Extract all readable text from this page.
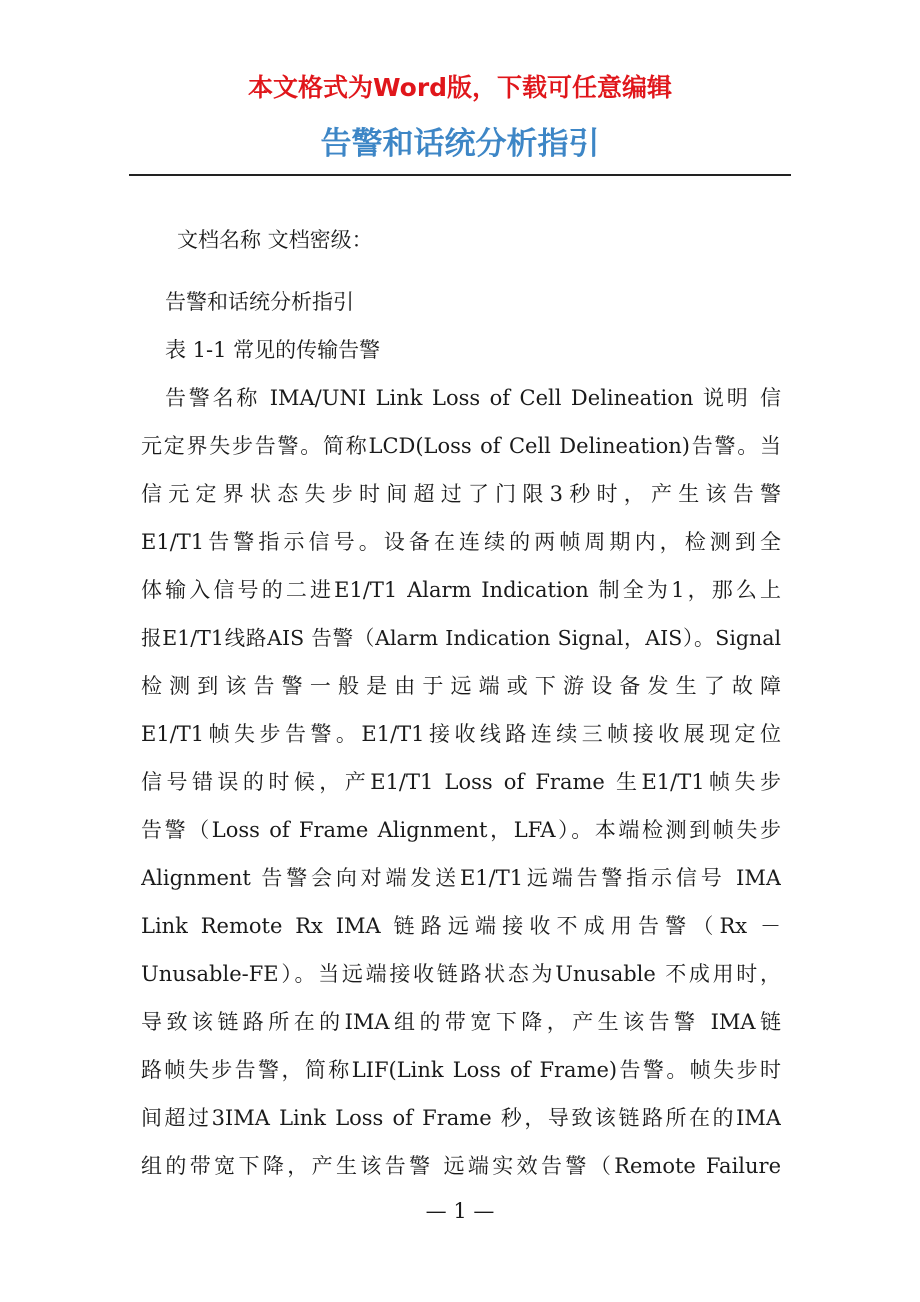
本文格式为Word版，下载可任意编辑
告警和话统分析指引
文档名称 文档密级：
告警和话统分析指引
表 1-1 常见的传输告警
告警名称 IMA/UNI Link Loss of Cell Delineation 说明 信
元定界失步告警。简称LCD(Loss of Cell Delineation)告警。当
信元定界状态失步时间超过了门限3秒时，产生该告警
E1/T1告警指示信号。设备在连续的两帧周期内，检测到全
体输入信号的二进E1/T1 Alarm Indication 制全为1，那么上
报E1/T1线路AIS 告警（Alarm Indication Signal，AIS）。Signal
检测到该告警一般是由于远端或下游设备发生了故障
E1/T1帧失步告警。E1/T1接收线路连续三帧接收展现定位
信号错误的时候，产E1/T1 Loss of Frame 生E1/T1帧失步
告警（Loss of Frame Alignment，LFA）。本端检测到帧失步
Alignment 告警会向对端发送E1/T1远端告警指示信号 IMA
Link Remote Rx IMA 链路远端接收不成用告警（Rx －
Unusable-FE）。当远端接收链路状态为Unusable 不成用时，
导致该链路所在的IMA组的带宽下降，产生该告警 IMA链
路帧失步告警，简称LIF(Link Loss of Frame)告警。帧失步时
间超过3IMA Link Loss of Frame 秒，导致该链路所在的IMA
组的带宽下降，产生该告警 远端实效告警（Remote Failure
— 1 —
